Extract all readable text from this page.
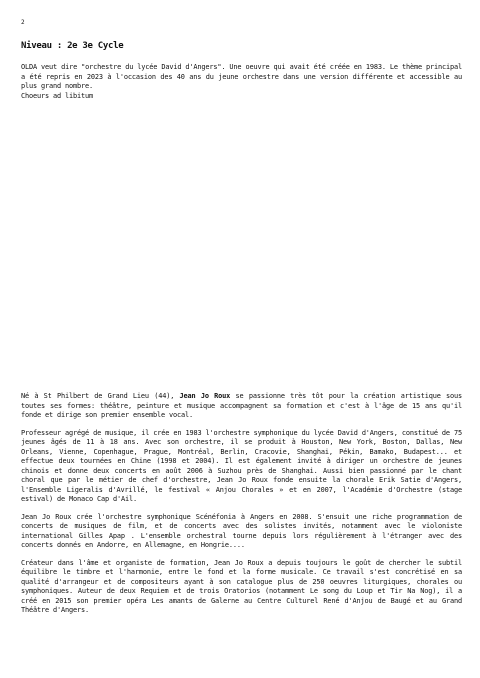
2
Niveau : 2e 3e Cycle

OLDA veut dire "orchestre du lycée David d'Angers". Une oeuvre qui avait été créée en 1983. Le thème principal a été repris en 2023 à l'occasion des 40 ans du jeune orchestre dans une version différente et accessible au plus grand nombre.

Choeurs ad libitum

Né à St Philbert de Grand Lieu (44), Jean Jo Roux se passionne très tôt pour la création artistique sous toutes ses formes: théâtre, peinture et musique accompagnent sa formation et c'est à l'âge de 15 ans qu'il fonde et dirige son premier ensemble vocal.

Professeur agrégé de musique, il crée en 1983 l'orchestre symphonique du lycée David d'Angers, constitué de 75 jeunes âgés de 11 à 18 ans. Avec son orchestre, il se produit à Houston, New York, Boston, Dallas, New Orleans, Vienne, Copenhague, Prague, Montréal, Berlin, Cracovie, Shanghai, Pékin, Bamako, Budapest... et effectue deux tournées en Chine (1998 et 2004). Il est également invité à diriger un orchestre de jeunes chinois et donne deux concerts en août 2006 à Suzhou près de Shanghai. Aussi bien passionné par le chant choral que par le métier de chef d'orchestre, Jean Jo Roux fonde ensuite la chorale Erik Satie d'Angers, l'Ensemble Ligeralis d'Avrillé, le festival « Anjou Chorales » et en 2007, l'Académie d'Orchestre (stage estival) de Monaco Cap d'Ail.

Jean Jo Roux crée l'orchestre symphonique Scénéfonia à Angers en 2008. S'ensuit une riche programmation de concerts de musiques de film, et de concerts avec des solistes invités, notamment avec le violoniste international Gilles Apap . L'ensemble orchestral tourne depuis lors régulièrement à l'étranger avec des concerts donnés en Andorre, en Allemagne, en Hongrie....

Créateur dans l'âme et organiste de formation, Jean Jo Roux a depuis toujours le goût de chercher le subtil équilibre le timbre et l'harmonie, entre le fond et la forme musicale. Ce travail s'est concrétisé en sa qualité d'arrangeur et de compositeurs ayant à son catalogue plus de 250 oeuvres liturgiques, chorales ou symphoniques. Auteur de deux Requiem et de trois Oratorios (notamment Le song du Loup et Tir Na Nog), il a créé en 2015 son premier opéra Les amants de Galerne au Centre Culturel René d'Anjou de Baugé et au Grand Théâtre d'Angers.
